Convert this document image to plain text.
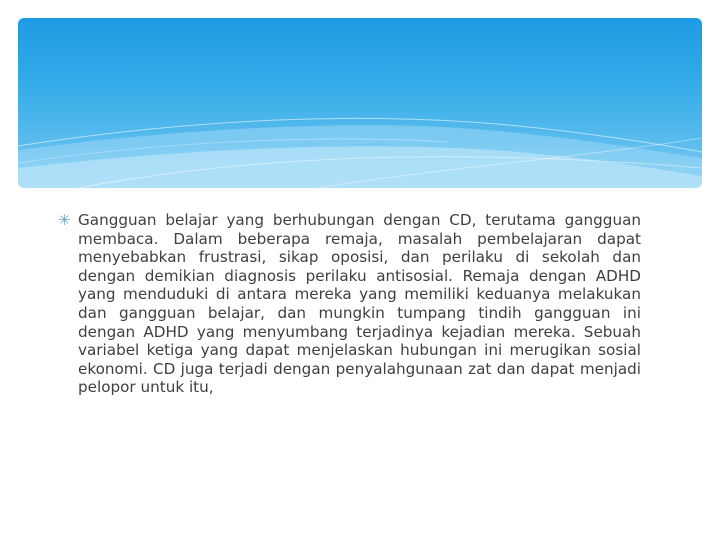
✳ Gangguan belajar yang berhubungan dengan CD, terutama gangguan membaca. Dalam beberapa remaja, masalah pembelajaran dapat menyebabkan frustrasi, sikap oposisi, dan perilaku di sekolah dan dengan demikian diagnosis perilaku antisosial. Remaja dengan ADHD yang menduduki di antara mereka yang memiliki keduanya melakukan dan gangguan belajar, dan mungkin tumpang tindih gangguan ini dengan ADHD yang menyumbang terjadinya kejadian mereka. Sebuah variabel ketiga yang dapat menjelaskan hubungan ini merugikan sosial ekonomi. CD juga terjadi dengan penyalahgunaan zat dan dapat menjadi pelopor untuk itu,
